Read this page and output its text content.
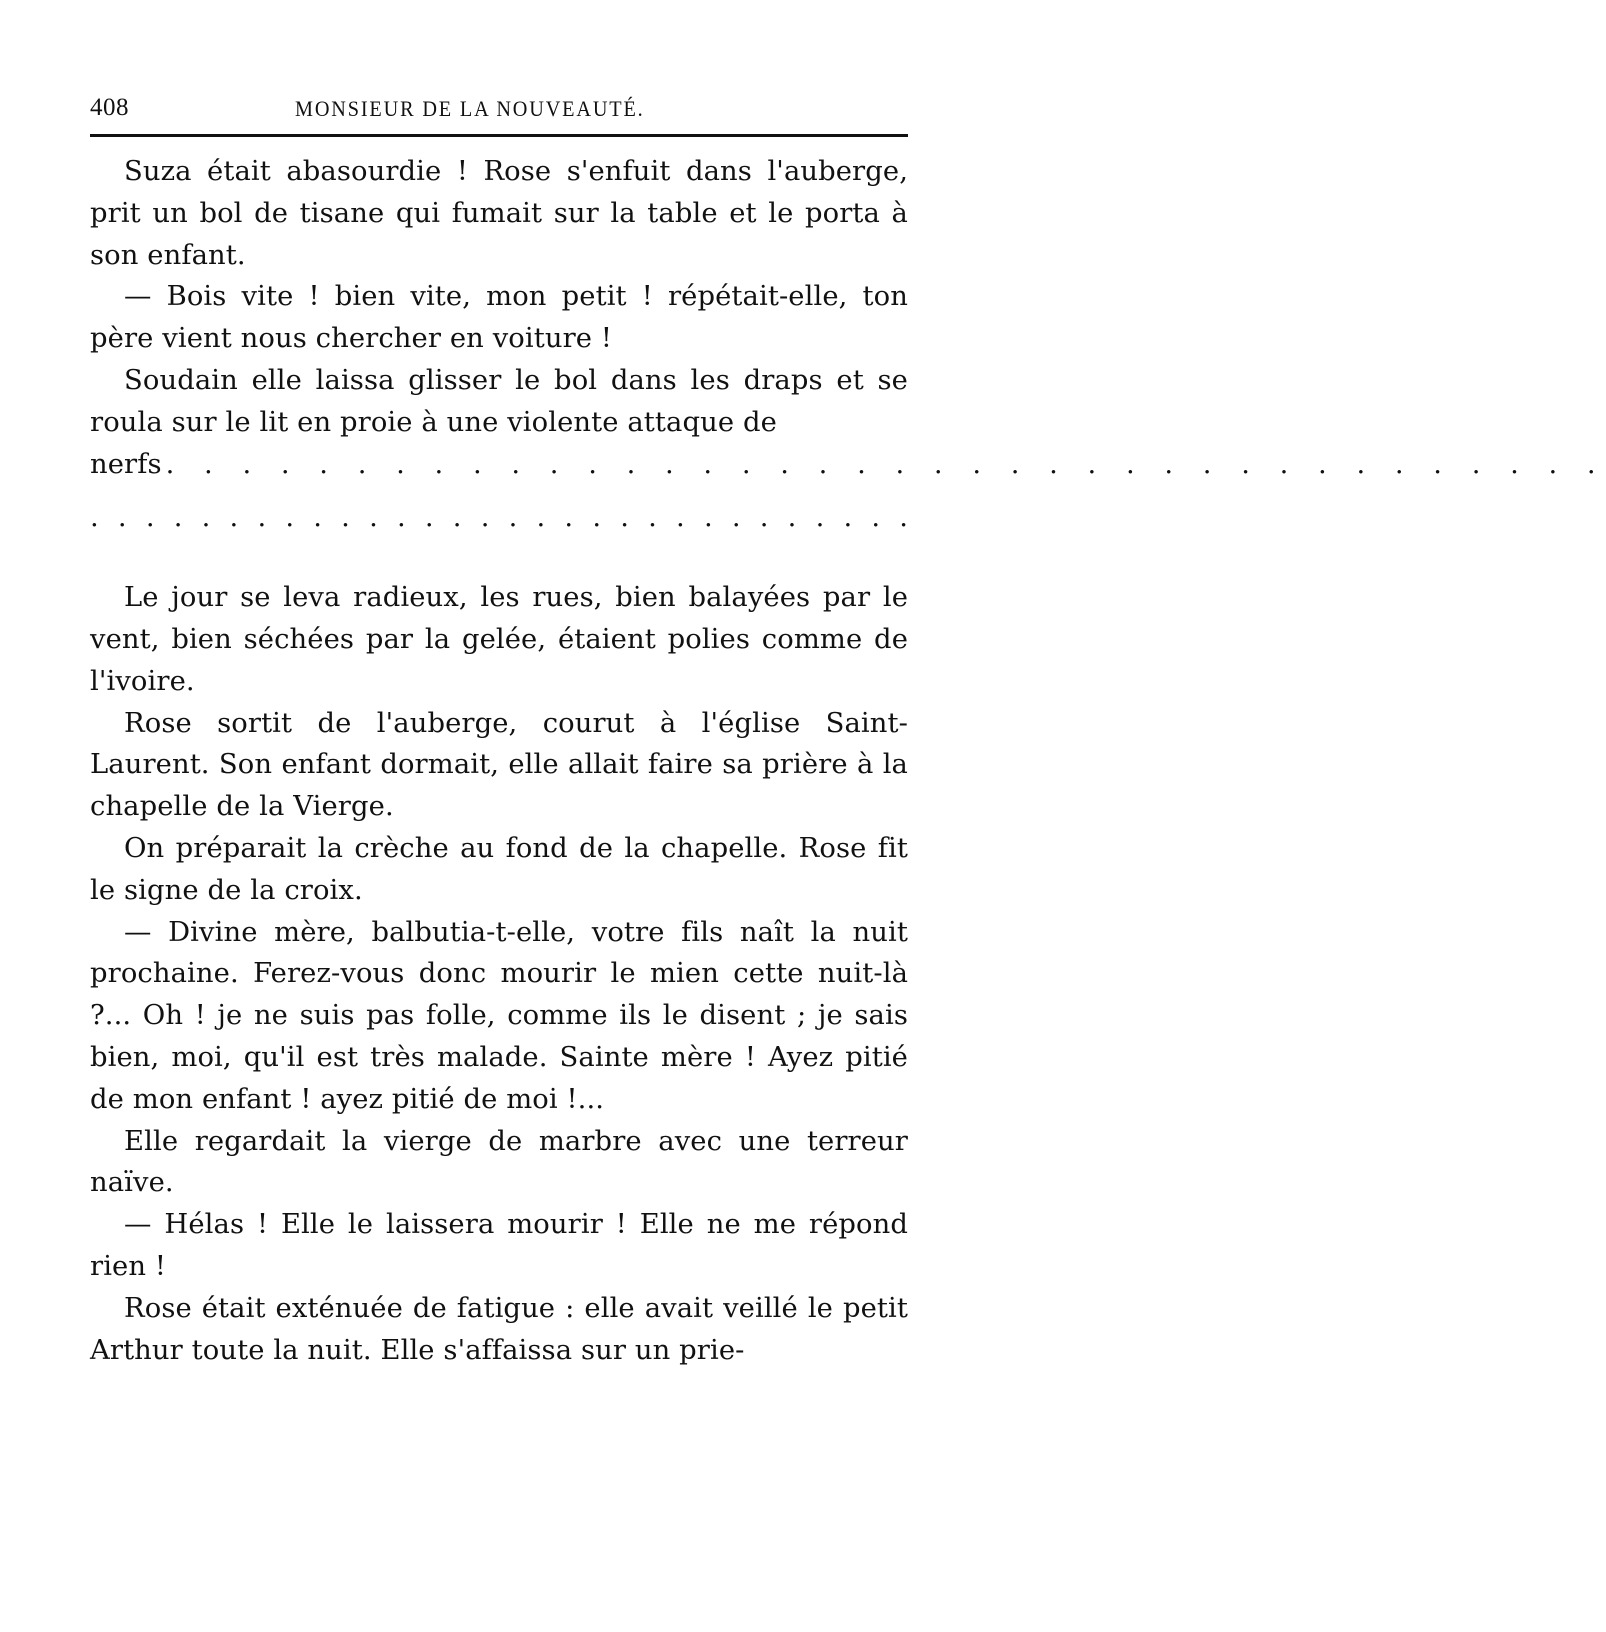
408	MONSIEUR DE LA NOUVEAUTÉ.

Suza était abasourdie ! Rose s'enfuit dans l'auberge, prit un bol de tisane qui fumait sur la table et le porta à son enfant.

— Bois vite ! bien vite, mon petit ! répétait-elle, ton père vient nous chercher en voiture !

Soudain elle laissa glisser le bol dans les draps et se roula sur le lit en proie à une violente attaque de

nerfs . . . . . . . . . . . . . . . . . . . . . . . . . . . . . . . . . . . . . .

. . . . . . . . . . . . . . . . . . . . . . . . . . . . . .

Le jour se leva radieux, les rues, bien balayées par le vent, bien séchées par la gelée, étaient polies comme de l'ivoire.

Rose sortit de l'auberge, courut à l'église Saint-Laurent. Son enfant dormait, elle allait faire sa prière à la chapelle de la Vierge.

On préparait la crèche au fond de la chapelle. Rose fit le signe de la croix.

— Divine mère, balbutia-t-elle, votre fils naît la nuit prochaine. Ferez-vous donc mourir le mien cette nuit-là ?... Oh ! je ne suis pas folle, comme ils le disent ; je sais bien, moi, qu'il est très malade. Sainte mère ! Ayez pitié de mon enfant ! ayez pitié de moi !...

Elle regardait la vierge de marbre avec une terreur naïve.

— Hélas ! Elle le laissera mourir ! Elle ne me répond rien !

Rose était exténuée de fatigue : elle avait veillé le petit Arthur toute la nuit. Elle s'affaissa sur un prie-
